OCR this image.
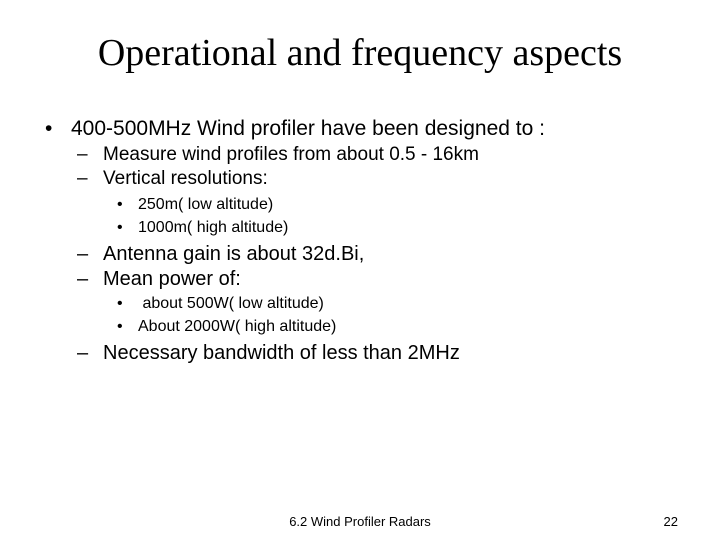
Operational and frequency aspects
• 400-500MHz Wind profiler have been designed to :
– Measure wind profiles from about 0.5 - 16km
– Vertical resolutions:
• 250m( low altitude)
• 1000m( high altitude)
– Antenna gain is about 32d.Bi,
– Mean power of:
• about 500W( low altitude)
• About 2000W( high altitude)
– Necessary bandwidth of less than 2MHz
6.2 Wind Profiler Radars	22
